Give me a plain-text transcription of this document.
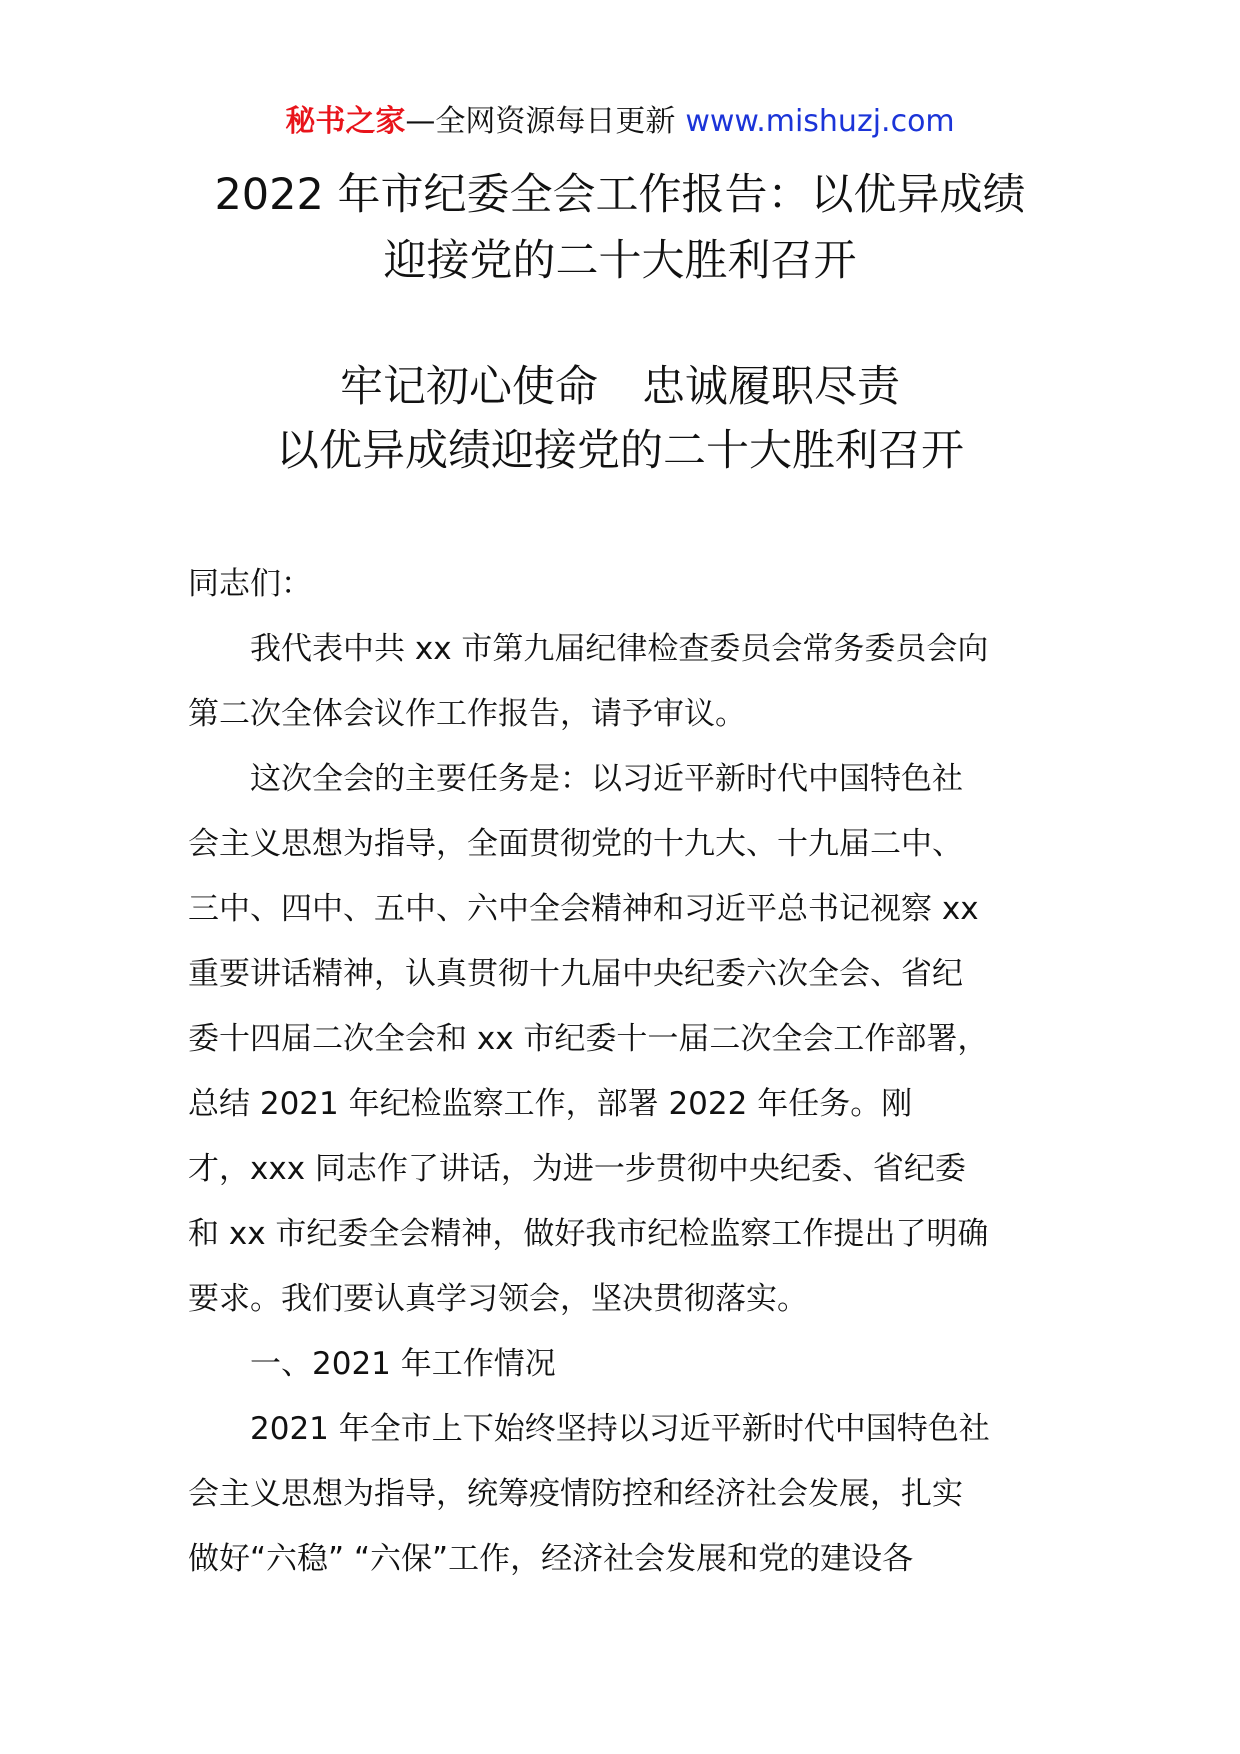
秘书之家—全网资源每日更新 www.mishuzj.com
2022 年市纪委全会工作报告：以优异成绩
迎接党的二十大胜利召开
牢记初心使命 忠诚履职尽责
以优异成绩迎接党的二十大胜利召开
同志们：
我代表中共 xx 市第九届纪律检查委员会常务委员会向
第二次全体会议作工作报告，请予审议。
这次全会的主要任务是：以习近平新时代中国特色社
会主义思想为指导，全面贯彻党的十九大、十九届二中、
三中、四中、五中、六中全会精神和习近平总书记视察 xx
重要讲话精神，认真贯彻十九届中央纪委六次全会、省纪
委十四届二次全会和 xx 市纪委十一届二次全会工作部署，
总结 2021 年纪检监察工作，部署 2022 年任务。刚
才，xxx 同志作了讲话，为进一步贯彻中央纪委、省纪委
和 xx 市纪委全会精神，做好我市纪检监察工作提出了明确
要求。我们要认真学习领会，坚决贯彻落实。
一、2021 年工作情况
2021 年全市上下始终坚持以习近平新时代中国特色社
会主义思想为指导，统筹疫情防控和经济社会发展，扎实
做好“六稳” “六保”工作，经济社会发展和党的建设各
